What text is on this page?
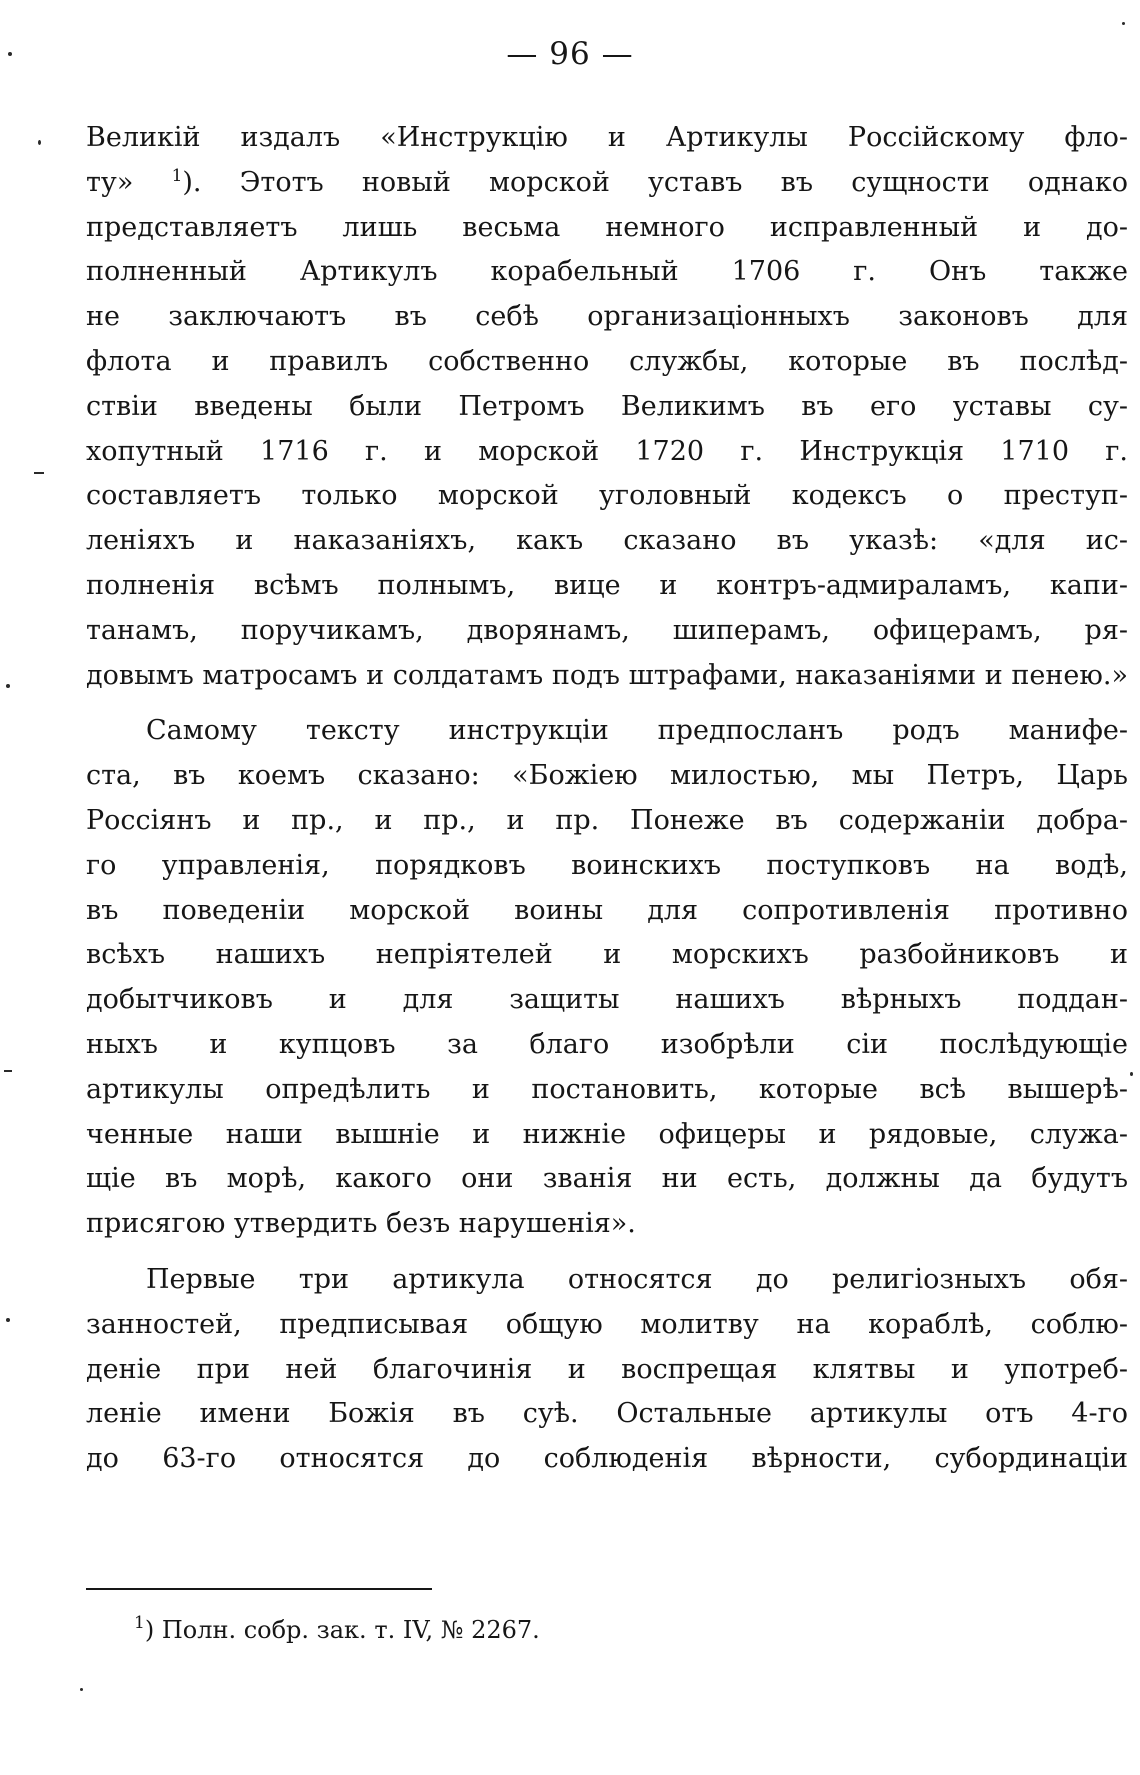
— 96 —
Великій издалъ «Инструкцію и Артикулы Россійскому фло-
ту» $^1$). Этотъ новый морской уставъ въ сущности однако
представляетъ лишь весьма немного исправленный и до-
полненный Артикулъ корабельный 1706 г. Онъ также
не заключаютъ въ себѣ организаціонныхъ законовъ для
флота и правилъ собственно службы, которые въ послѣд-
ствіи введены были Петромъ Великимъ въ его уставы су-
хопутный 1716 г. и морской 1720 г. Инструкція 1710 г.
составляетъ только морской уголовный кодексъ о преступ-
леніяхъ и наказаніяхъ, какъ сказано въ указѣ: «для ис-
полненія всѣмъ полнымъ, вице и контръ-адмираламъ, капи-
танамъ, поручикамъ, дворянамъ, шиперамъ, офицерамъ, ря-
довымъ матросамъ и солдатамъ подъ штрафами, наказаніями и пенею.»
Самому тексту инструкціи предпосланъ родъ манифе-
ста, въ коемъ сказано: «Божіею милостью, мы Петръ, Царь
Россіянъ и пр., и пр., и пр. Понеже въ содержаніи добра-
го управленія, порядковъ воинскихъ поступковъ на водѣ,
въ поведеніи морской воины для сопротивленія противно
всѣхъ нашихъ непріятелей и морскихъ разбойниковъ и
добытчиковъ и для защиты нашихъ вѣрныхъ поддан-
ныхъ и купцовъ за благо изобрѣли сіи послѣдующіе
артикулы опредѣлить и постановить, которые всѣ вышерѣ-
ченные наши вышніе и нижніе офицеры и рядовые, служа-
щіе въ морѣ, какого они званія ни есть, должны да будутъ
присягою утвердить безъ нарушенія».
Первые три артикула относятся до религіозныхъ обя-
занностей, предписывая общую молитву на кораблѣ, соблю-
деніе при ней благочинія и воспрещая клятвы и употреб-
леніе имени Божія въ суѣ. Остальные артикулы отъ 4-го
до 63-го относятся до соблюденія вѣрности, субординаціи
$^1$) Полн. собр. зак. т. IV, № 2267.
